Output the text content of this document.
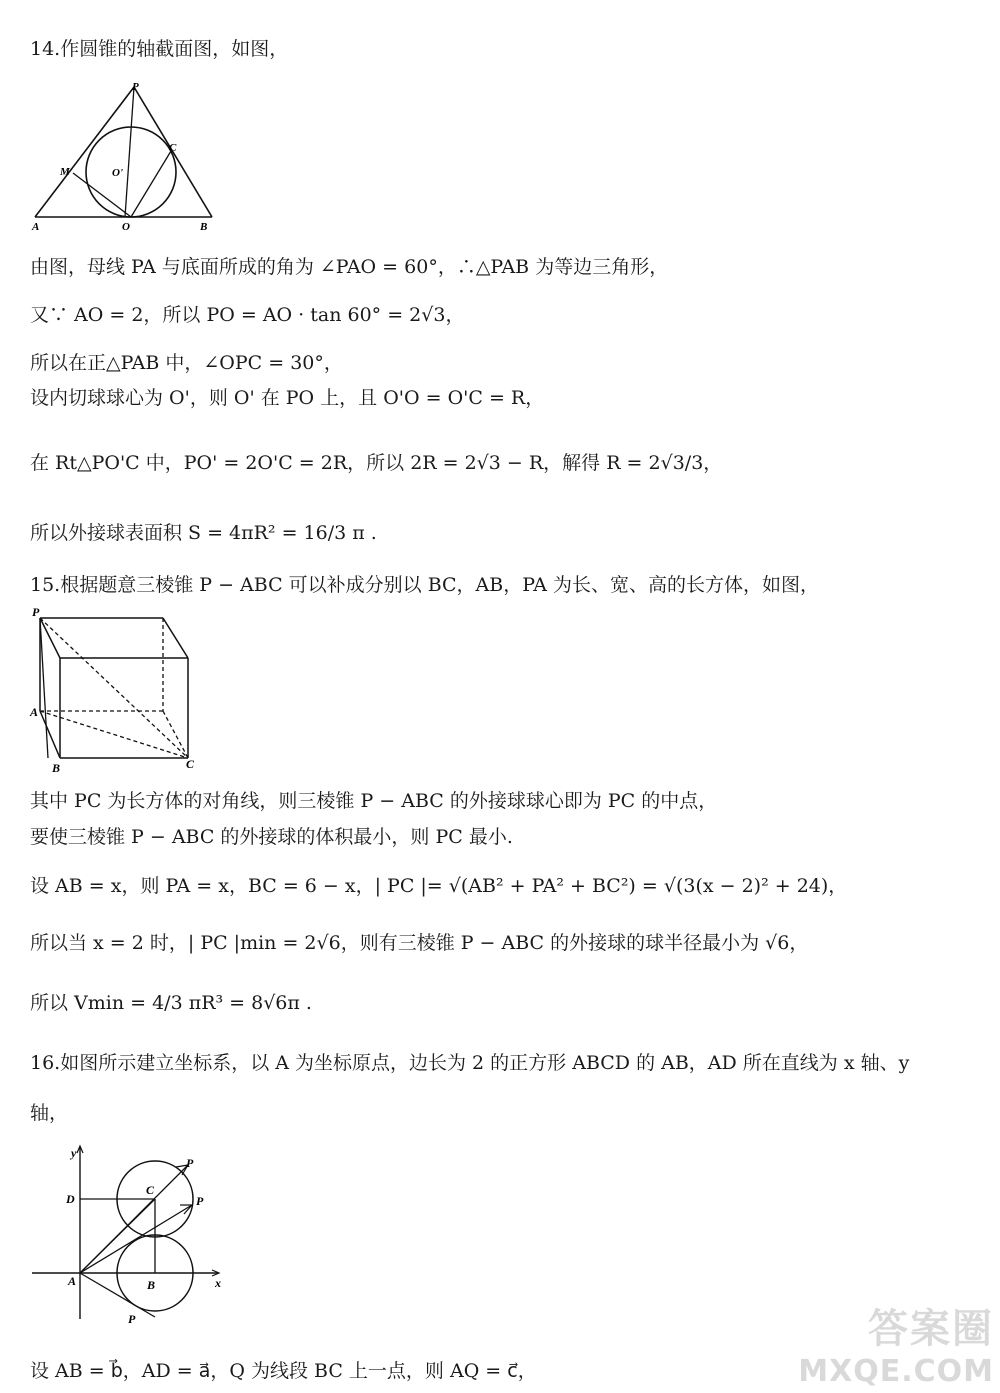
14.作圆锥的轴截面图，如图，
P
M
C
O'
A	O	B
由图，母线 PA 与底面所成的角为 ∠PAO = 60°，∴△PAB 为等边三角形，
又∵ AO = 2，所以 PO = AO · tan 60° = 2√3，
所以在正△PAB 中，∠OPC = 30°，
设内切球球心为 O'，则 O' 在 PO 上，且 O'O = O'C = R，
在 Rt△PO'C 中，PO' = 2O'C = 2R，所以 2R = 2√3 − R，解得 R = 2√3/3，
所以外接球表面积 S = 4πR² = 16/3 π .
15.根据题意三棱锥 P − ABC 可以补成分别以 BC，AB，PA 为长、宽、高的长方体，如图，
P
A
B	C
其中 PC 为长方体的对角线，则三棱锥 P − ABC 的外接球球心即为 PC 的中点，
要使三棱锥 P − ABC 的外接球的体积最小，则 PC 最小.
设 AB = x，则 PA = x，BC = 6 − x，| PC |= √(AB² + PA² + BC²) = √(3(x − 2)² + 24)，
所以当 x = 2 时，| PC |min = 2√6，则有三棱锥 P − ABC 的外接球的球半径最小为 √6，
所以 Vmin = 4/3 πR³ = 8√6π .
16.如图所示建立坐标系，以 A 为坐标原点，边长为 2 的正方形 ABCD 的 AB，AD 所在直线为 x 轴、y
轴，
y
x
D
C
A	B
P
P
P
设 AB = b⃗，AD = a⃗，Q 为线段 BC 上一点，则 AQ = c⃗，
答案圈
MXQE.COM
